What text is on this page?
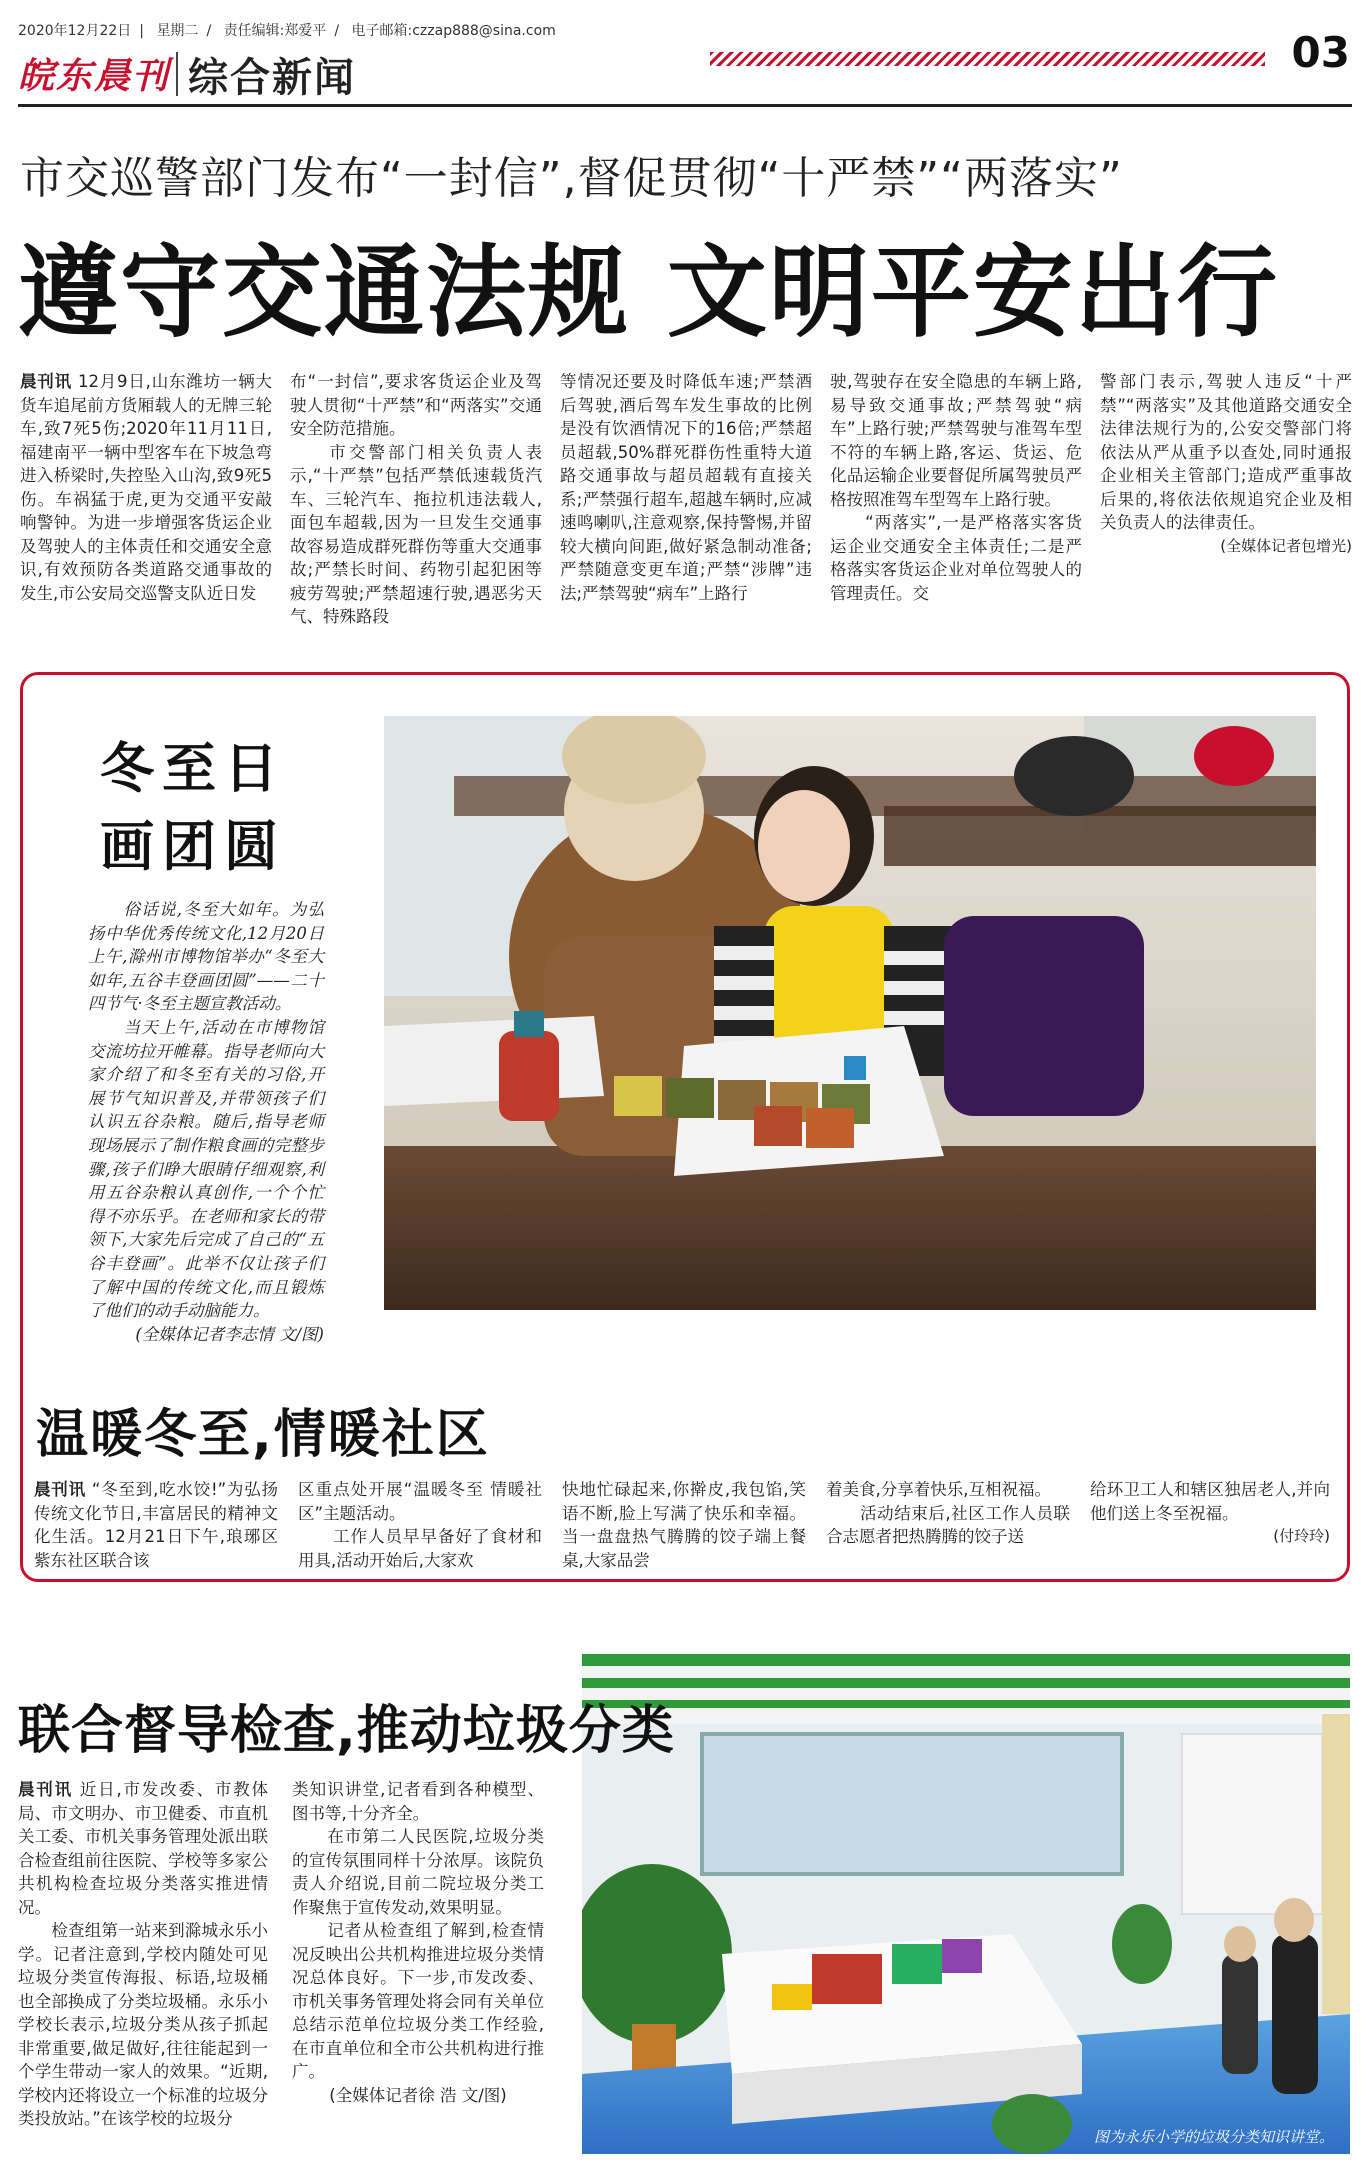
2020年12月22日 | 星期二 / 责任编辑:郑爱平 / 电子邮箱:czzap888@sina.com
皖东晨刊 综合新闻
03
市交巡警部门发布“一封信”,督促贯彻“十严禁”“两落实”
遵守交通法规 文明平安出行
晨刊讯 12月9日,山东潍坊一辆大货车追尾前方货厢载人的无牌三轮车,致7死5伤;2020年11月11日,福建南平一辆中型客车在下坡急弯进入桥梁时,失控坠入山沟,致9死5伤。车祸猛于虎,更为交通平安敲响警钟。为进一步增强客货运企业及驾驶人的主体责任和交通安全意识,有效预防各类道路交通事故的发生,市公安局交巡警支队近日发
布“一封信”,要求客货运企业及驾驶人贯彻“十严禁”和“两落实”交通安全防范措施。
　　市交警部门相关负责人表示,“十严禁”包括严禁低速载货汽车、三轮汽车、拖拉机违法载人,面包车超载,因为一旦发生交通事故容易造成群死群伤等重大交通事故;严禁长时间、药物引起犯困等疲劳驾驶;严禁超速行驶,遇恶劣天气、特殊路段
等情况还要及时降低车速;严禁酒后驾驶,酒后驾车发生事故的比例是没有饮酒情况下的16倍;严禁超员超载,50%群死群伤性重特大道路交通事故与超员超载有直接关系;严禁强行超车,超越车辆时,应减速鸣喇叭,注意观察,保持警惕,并留较大横向间距,做好紧急制动准备;严禁随意变更车道;严禁“涉牌”违法;严禁驾驶“病车”上路行
驶,驾驶存在安全隐患的车辆上路,易导致交通事故;严禁驾驶“病车”上路行驶;严禁驾驶与准驾车型不符的车辆上路,客运、货运、危化品运输企业要督促所属驾驶员严格按照准驾车型驾车上路行驶。
　　“两落实”,一是严格落实客货运企业交通安全主体责任;二是严格落实客货运企业对单位驾驶人的管理责任。交
警部门表示,驾驶人违反“十严禁”“两落实”及其他道路交通安全法律法规行为的,公安交警部门将依法从严从重予以查处,同时通报企业相关主管部门;造成严重事故后果的,将依法依规追究企业及相关负责人的法律责任。
(全媒体记者包增光)
冬至日
画团圆
　　俗话说,冬至大如年。为弘扬中华优秀传统文化,12月20日上午,滁州市博物馆举办“冬至大如年,五谷丰登画团圆”——二十四节气·冬至主题宣教活动。
　　当天上午,活动在市博物馆交流坊拉开帷幕。指导老师向大家介绍了和冬至有关的习俗,开展节气知识普及,并带领孩子们认识五谷杂粮。随后,指导老师现场展示了制作粮食画的完整步骤,孩子们睁大眼睛仔细观察,利用五谷杂粮认真创作,一个个忙得不亦乐乎。在老师和家长的带领下,大家先后完成了自己的“五谷丰登画”。此举不仅让孩子们了解中国的传统文化,而且锻炼了他们的动手动脑能力。
(全媒体记者李志情 文/图)
温暖冬至,情暖社区
晨刊讯 “冬至到,吃水饺!”为弘扬传统文化节日,丰富居民的精神文化生活。12月21日下午,琅琊区紫东社区联合该
区重点处开展“温暖冬至 情暖社区”主题活动。
　　工作人员早早备好了食材和用具,活动开始后,大家欢
快地忙碌起来,你擀皮,我包馅,笑语不断,脸上写满了快乐和幸福。当一盘盘热气腾腾的饺子端上餐桌,大家品尝
着美食,分享着快乐,互相祝福。
　　活动结束后,社区工作人员联合志愿者把热腾腾的饺子送
给环卫工人和辖区独居老人,并向他们送上冬至祝福。
(付玲玲)
联合督导检查,推动垃圾分类
晨刊讯 近日,市发改委、市教体局、市文明办、市卫健委、市直机关工委、市机关事务管理处派出联合检查组前往医院、学校等多家公共机构检查垃圾分类落实推进情况。
　　检查组第一站来到滁城永乐小学。记者注意到,学校内随处可见垃圾分类宣传海报、标语,垃圾桶也全部换成了分类垃圾桶。永乐小学校长表示,垃圾分类从孩子抓起非常重要,做足做好,往往能起到一个学生带动一家人的效果。“近期,学校内还将设立一个标准的垃圾分类投放站。”在该学校的垃圾分
类知识讲堂,记者看到各种模型、图书等,十分齐全。
　　在市第二人民医院,垃圾分类的宣传氛围同样十分浓厚。该院负责人介绍说,目前二院垃圾分类工作聚焦于宣传发动,效果明显。
　　记者从检查组了解到,检查情况反映出公共机构推进垃圾分类情况总体良好。下一步,市发改委、市机关事务管理处将会同有关单位总结示范单位垃圾分类工作经验,在市直单位和全市公共机构进行推广。
(全媒体记者徐 浩 文/图)
图为永乐小学的垃圾分类知识讲堂。
